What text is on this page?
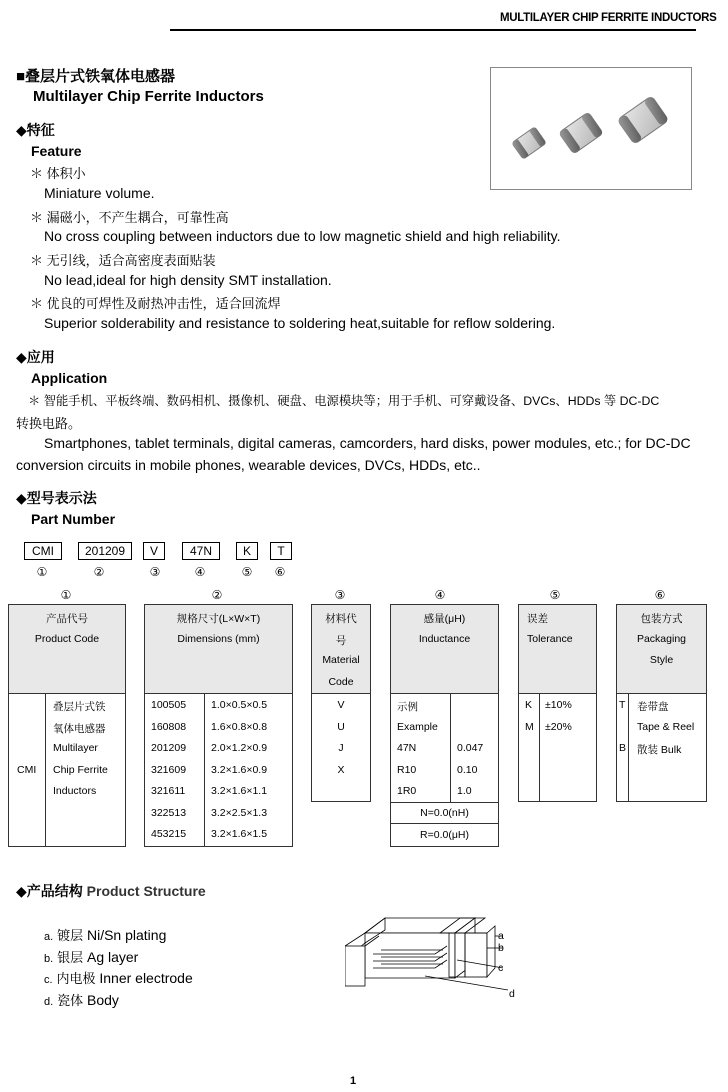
MULTILAYER CHIP FERRITE INDUCTORS
■叠层片式铁氧体电感器
Multilayer Chip Ferrite Inductors
◆特征
Feature
＊ 体积小
Miniature volume.
＊ 漏磁小，不产生耦合，可靠性高
No cross coupling between inductors due to low magnetic shield and high reliability.
＊ 无引线，适合高密度表面贴装
No lead,ideal for high density SMT installation.
＊ 优良的可焊性及耐热冲击性，适合回流焊
Superior solderability and resistance to soldering heat,suitable for reflow soldering.
◆应用
Application
＊ 智能手机、平板终端、数码相机、摄像机、硬盘、电源模块等；用于手机、可穿戴设备、DVCs、HDDs 等 DC-DC
转换电路。
Smartphones, tablet terminals, digital cameras, camcorders, hard disks, power modules, etc.; for DC-DC
conversion circuits in mobile phones, wearable devices, DVCs, HDDs, etc..
◆型号表示法
Part Number
CMI	201209	V	47N	K	T
①	②	③	④	⑤	⑥
①	②	③	④	⑤	⑥
产品代号
Product Code
CMI
叠层片式铁
氧体电感器
Multilayer
Chip Ferrite
Inductors
规格尺寸(L×W×T)
Dimensions (mm)
100505 1.0×0.5×0.5
160808 1.6×0.8×0.8
201209 2.0×1.2×0.9
321609 3.2×1.6×0.9
321611 3.2×1.6×1.1
322513 3.2×2.5×1.3
453215 3.2×1.6×1.5
材料代
号
Material
Code
V
U
J
X
感量(μH)
Inductance
示例
Example
47N	0.047
R10	0.10
1R0	1.0
N=0.0(nH)
R=0.0(μH)
误差
Tolerance
K ±10%
M ±20%
包装方式
Packaging
Style
T 卷带盘
Tape & Reel
B 散装 Bulk
◆产品结构 Product Structure
a. 镀层 Ni/Sn plating
b. 银层 Ag layer
c. 内电极 Inner electrode
d. 瓷体 Body
a
b
c
d
1
